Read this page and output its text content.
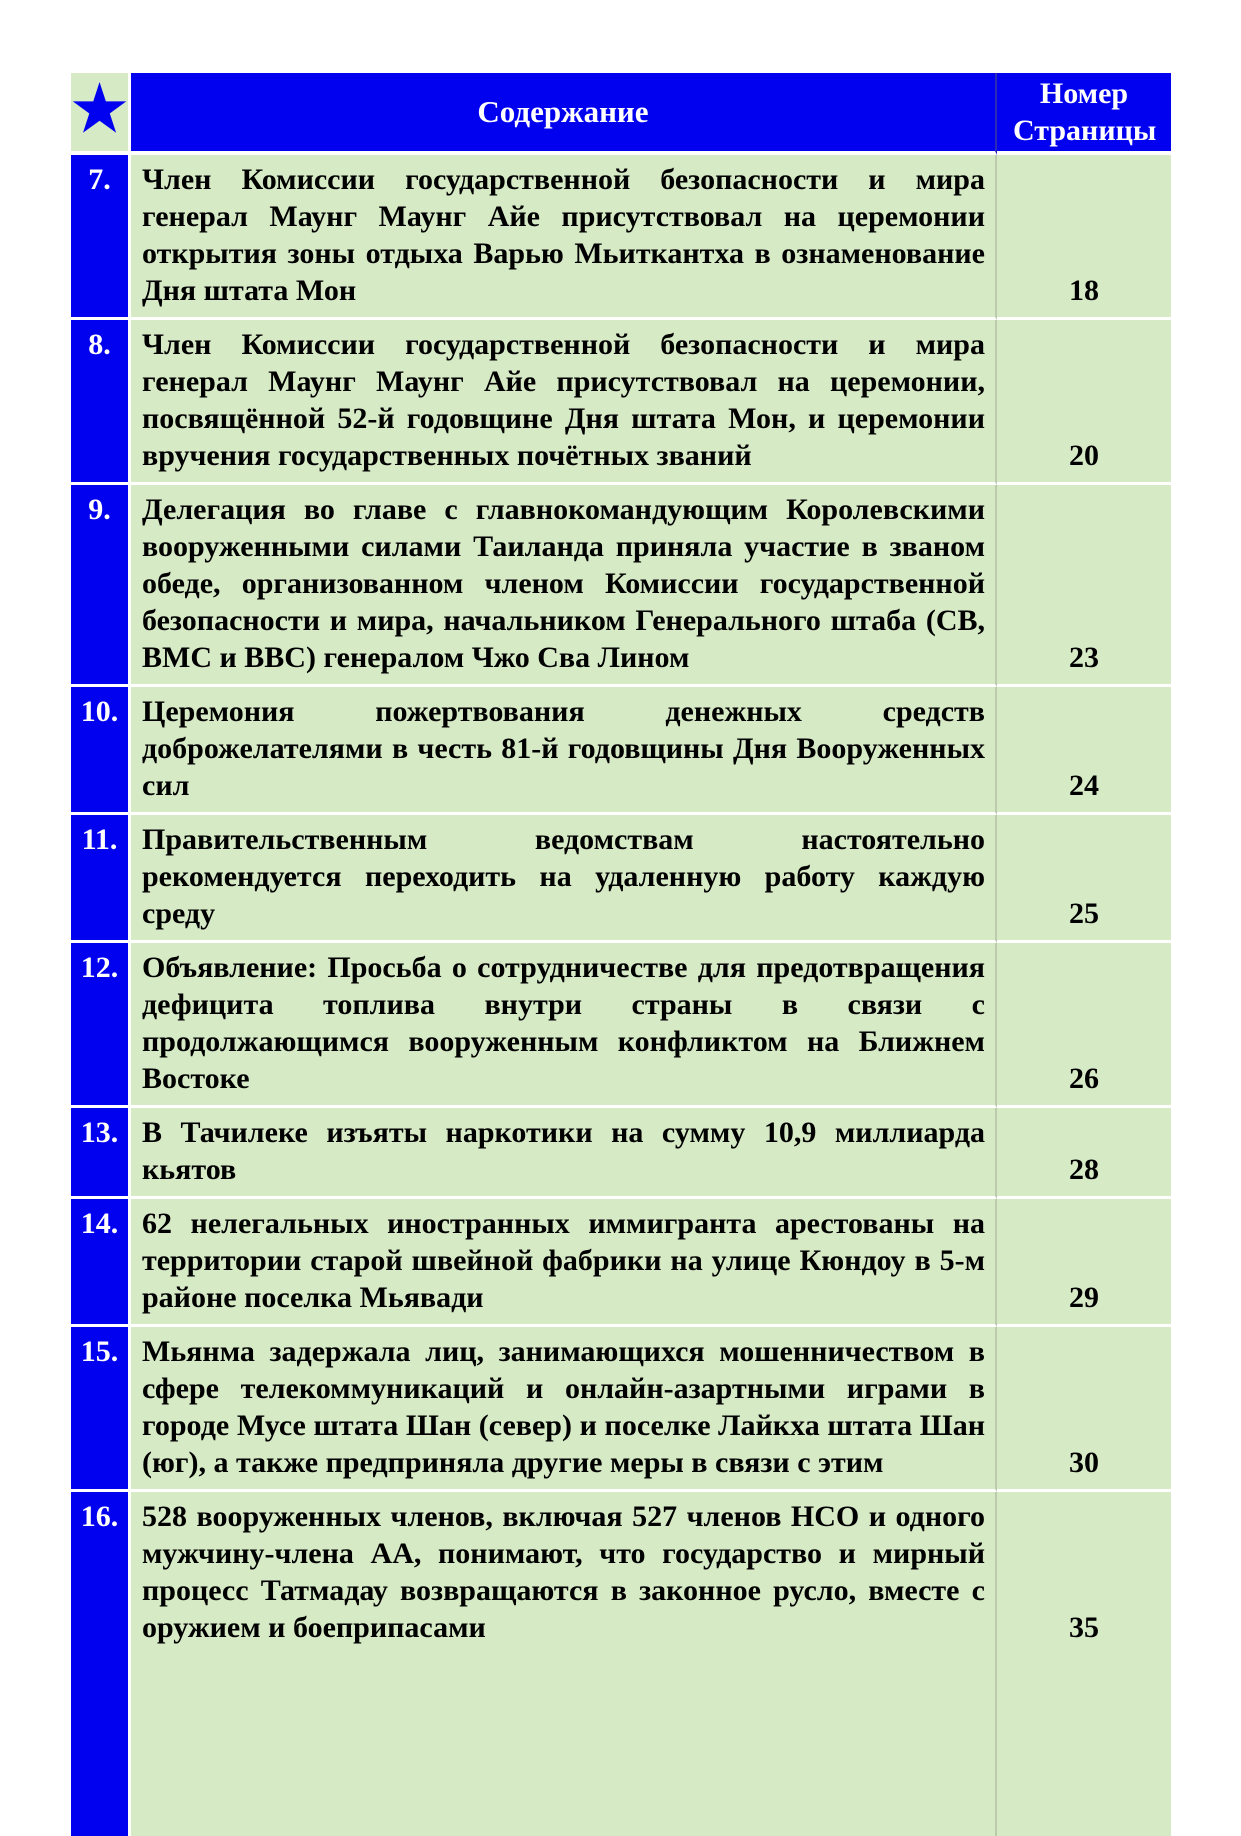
★	Содержание	Номер Страницы
7.	Член Комиссии государственной безопасности и мира генерал Маунг Маунг Айе присутствовал на церемонии открытия зоны отдыха Варью Мьиткантха в ознаменование Дня штата Мон	18
8.	Член Комиссии государственной безопасности и мира генерал Маунг Маунг Айе присутствовал на церемонии, посвящённой 52-й годовщине Дня штата Мон, и церемонии вручения государственных почётных званий	20
9.	Делегация во главе с главнокомандующим Королевскими вооруженными силами Таиланда приняла участие в званом обеде, организованном членом Комиссии государственной безопасности и мира, начальником Генерального штаба (СВ, ВМС и ВВС) генералом Чжо Сва Лином	23
10.	Церемония пожертвования денежных средств доброжелателями в честь 81-й годовщины Дня Вооруженных сил	24
11.	Правительственным ведомствам настоятельно рекомендуется переходить на удаленную работу каждую среду	25
12.	Объявление: Просьба о сотрудничестве для предотвращения дефицита топлива внутри страны в связи с продолжающимся вооруженным конфликтом на Ближнем Востоке	26
13.	В Тачилеке изъяты наркотики на сумму 10,9 миллиарда кьятов	28
14.	62 нелегальных иностранных иммигранта арестованы на территории старой швейной фабрики на улице Кюндоу в 5-м районе поселка Мьявади	29
15.	Мьянма задержала лиц, занимающихся мошенничеством в сфере телекоммуникаций и онлайн-азартными играми в городе Мусе штата Шан (север) и поселке Лайкха штата Шан (юг), а также предприняла другие меры в связи с этим	30
16.	528 вооруженных членов, включая 527 членов НСО и одного мужчину-члена АА, понимают, что государство и мирный процесс Татмадау возвращаются в законное русло, вместе с оружием и боеприпасами	35
